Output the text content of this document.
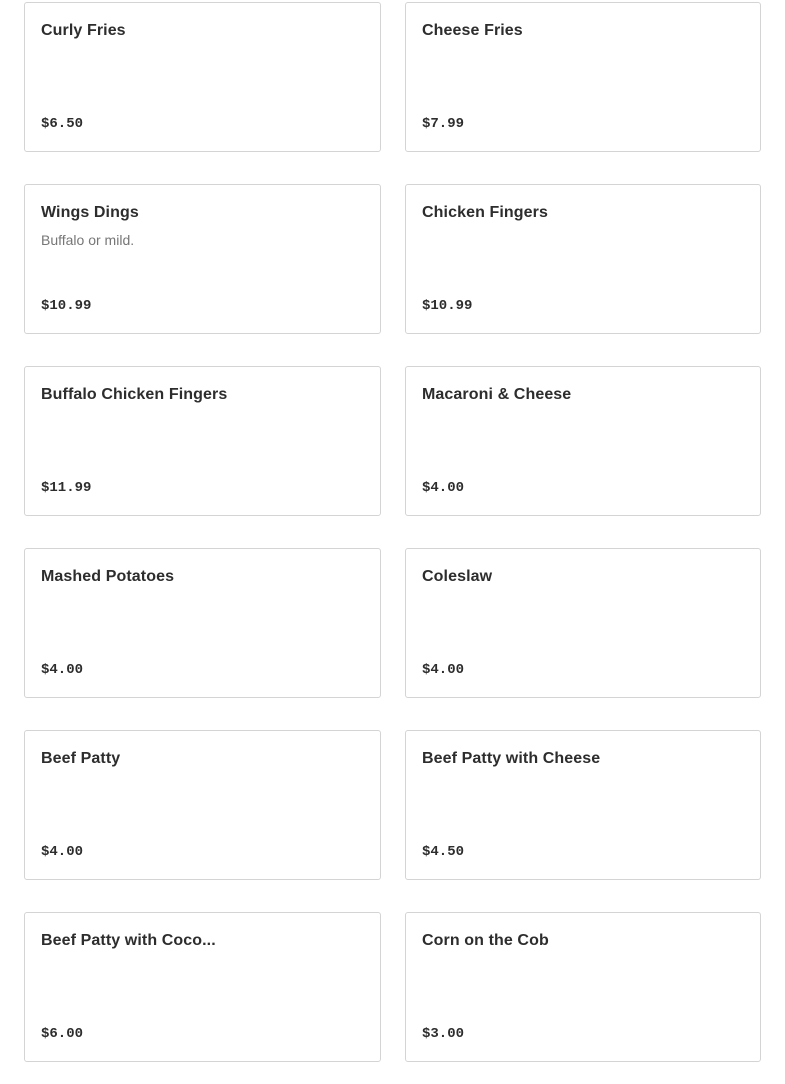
Curly Fries
$6.50
Cheese Fries
$7.99
Wings Dings
Buffalo or mild.
$10.99
Chicken Fingers
$10.99
Buffalo Chicken Fingers
$11.99
Macaroni & Cheese
$4.00
Mashed Potatoes
$4.00
Coleslaw
$4.00
Beef Patty
$4.00
Beef Patty with Cheese
$4.50
Beef Patty with Coco...
$6.00
Corn on the Cob
$3.00
